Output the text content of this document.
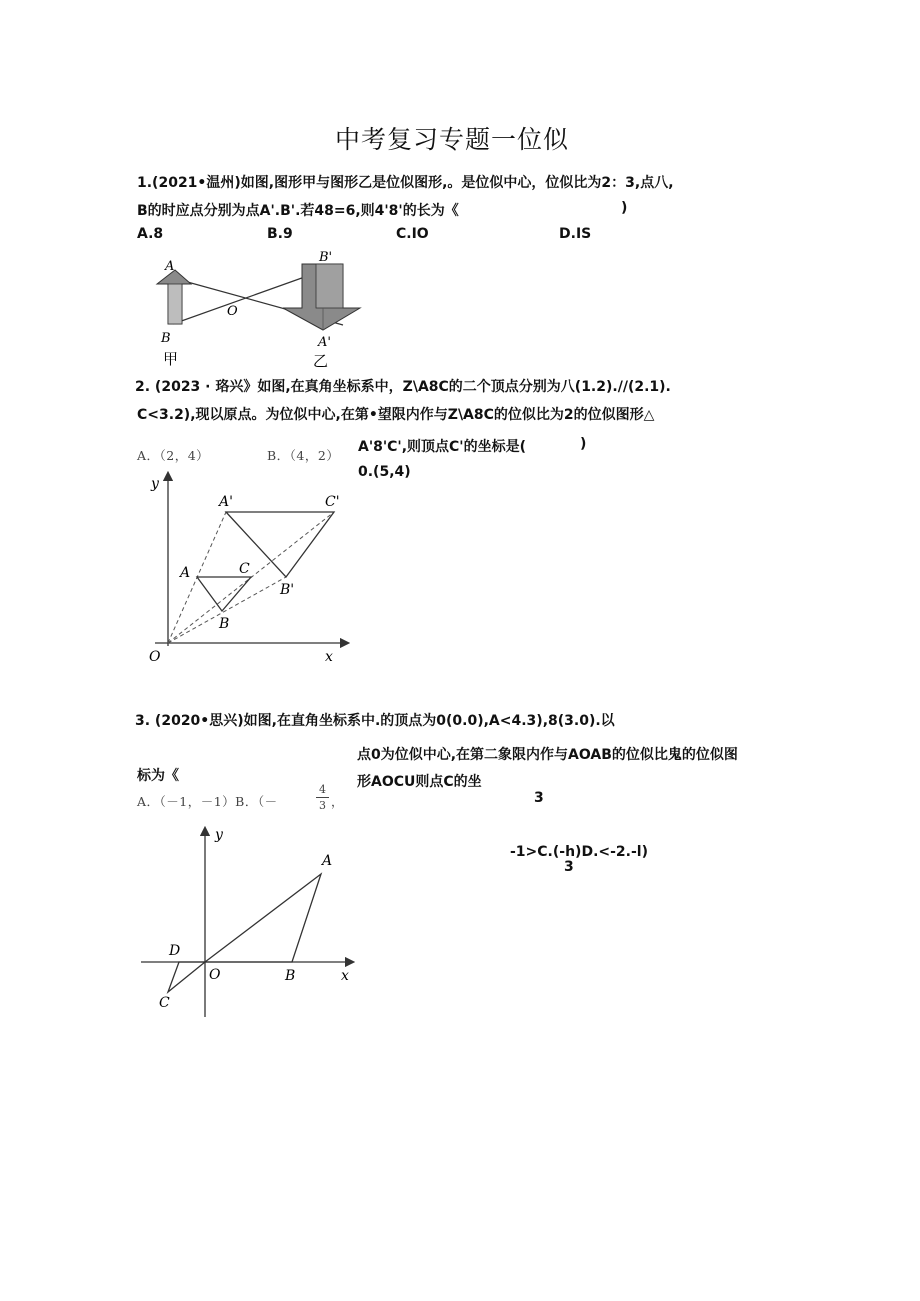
中考复习专题一位似
1.(2021•温州)如图,图形甲与图形乙是位似图形,。是位似中心，位似比为2：3,点八,
B的时应点分别为点A'.B'.若48=6,则4'8'的长为《	)
A.8	B.9	C.IO	D.IS
A
B
O
B'
A'
甲	乙
2. (2023 · 珞兴》如图,在真角坐标系中，Z\A8C的二个顶点分别为八(1.2).//(2.1).
C<3.2),现以原点。为位似中心,在第•望限内作与Z\A8C的位似比为2的位似图形△
A．（2，4）	B．（4，2）
A'8'C',则顶点C'的坐标是(	)
0.(5,4)
y
x
O
A
B
C
A'
B'
C'
3. (2020•思兴)如图,在直角坐标系中.的顶点为0(0.0),A<4.3),8(3.0).以
点0为位似中心,在第二象限内作与AOAB的位似比鬼的位似图
形AOCU则点C的坐
标为《
3
-1>C.(-h)D.<-2.-l)
3
A．（－1，－1）B．（－
4
3 ，
y
x
O
A
B
C
D
